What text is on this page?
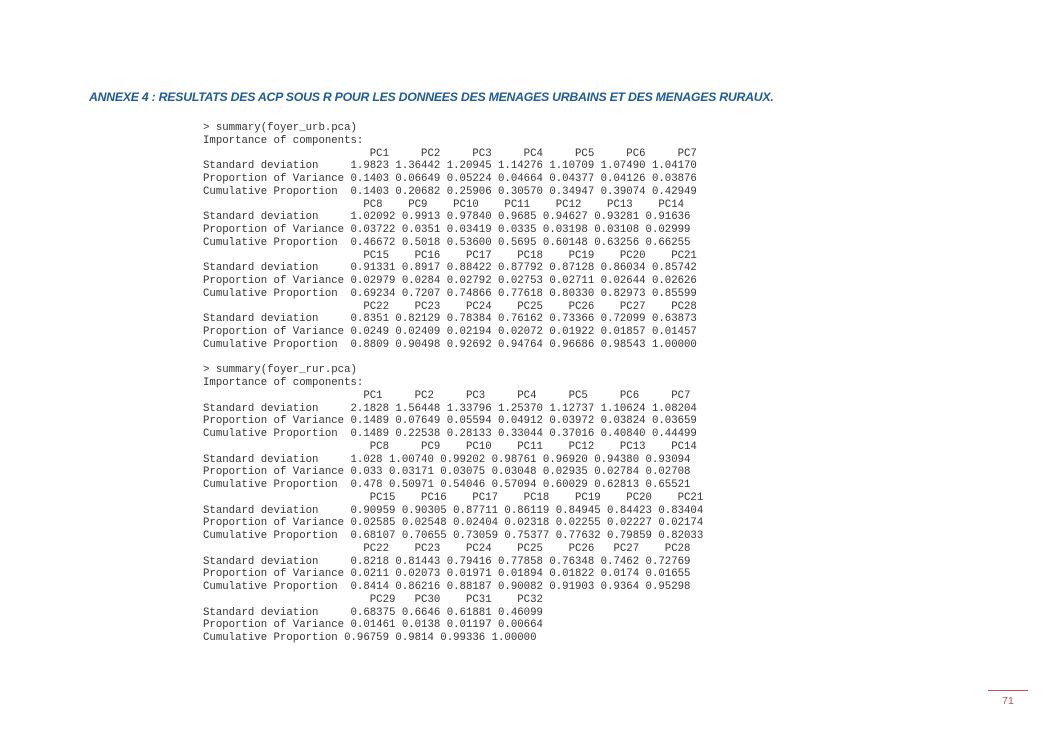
ANNEXE 4 : RESULTATS DES ACP SOUS R POUR LES DONNEES DES MENAGES URBAINS ET DES MENAGES RURAUX.
> summary(foyer_urb.pca)
Importance of components:
PC1     PC2     PC3     PC4     PC5     PC6     PC7
Standard deviation     1.9823 1.36442 1.20945 1.14276 1.10709 1.07490 1.04170
Proportion of Variance 0.1403 0.06649 0.05224 0.04664 0.04377 0.04126 0.03876
Cumulative Proportion  0.1403 0.20682 0.25906 0.30570 0.34947 0.39074 0.42949
PC8    PC9    PC10    PC11    PC12    PC13    PC14
Standard deviation     1.02092 0.9913 0.97840 0.9685 0.94627 0.93281 0.91636
Proportion of Variance 0.03722 0.0351 0.03419 0.0335 0.03198 0.03108 0.02999
Cumulative Proportion  0.46672 0.5018 0.53600 0.5695 0.60148 0.63256 0.66255
PC15    PC16    PC17    PC18    PC19    PC20    PC21
Standard deviation     0.91331 0.8917 0.88422 0.87792 0.87128 0.86034 0.85742
Proportion of Variance 0.02979 0.0284 0.02792 0.02753 0.02711 0.02644 0.02626
Cumulative Proportion  0.69234 0.7207 0.74866 0.77618 0.80330 0.82973 0.85599
PC22    PC23    PC24    PC25    PC26    PC27    PC28
Standard deviation     0.8351 0.82129 0.78384 0.76162 0.73366 0.72099 0.63873
Proportion of Variance 0.0249 0.02409 0.02194 0.02072 0.01922 0.01857 0.01457
Cumulative Proportion  0.8809 0.90498 0.92692 0.94764 0.96686 0.98543 1.00000
> summary(foyer_rur.pca)
Importance of components:
PC1     PC2     PC3     PC4     PC5     PC6     PC7
Standard deviation     2.1828 1.56448 1.33796 1.25370 1.12737 1.10624 1.08204
Proportion of Variance 0.1489 0.07649 0.05594 0.04912 0.03972 0.03824 0.03659
Cumulative Proportion  0.1489 0.22538 0.28133 0.33044 0.37016 0.40840 0.44499
PC8     PC9    PC10    PC11    PC12    PC13    PC14
Standard deviation     1.028 1.00740 0.99202 0.98761 0.96920 0.94380 0.93094
Proportion of Variance 0.033 0.03171 0.03075 0.03048 0.02935 0.02784 0.02708
Cumulative Proportion  0.478 0.50971 0.54046 0.57094 0.60029 0.62813 0.65521
PC15    PC16    PC17    PC18    PC19    PC20    PC21
Standard deviation     0.90959 0.90305 0.87711 0.86119 0.84945 0.84423 0.83404
Proportion of Variance 0.02585 0.02548 0.02404 0.02318 0.02255 0.02227 0.02174
Cumulative Proportion  0.68107 0.70655 0.73059 0.75377 0.77632 0.79859 0.82033
PC22    PC23    PC24    PC25    PC26   PC27    PC28
Standard deviation     0.8218 0.81443 0.79416 0.77858 0.76348 0.7462 0.72769
Proportion of Variance 0.0211 0.02073 0.01971 0.01894 0.01822 0.0174 0.01655
Cumulative Proportion  0.8414 0.86216 0.88187 0.90082 0.91903 0.9364 0.95298
PC29   PC30    PC31    PC32
Standard deviation     0.68375 0.6646 0.61881 0.46099
Proportion of Variance 0.01461 0.0138 0.01197 0.00664
Cumulative Proportion 0.96759 0.9814 0.99336 1.00000
71
